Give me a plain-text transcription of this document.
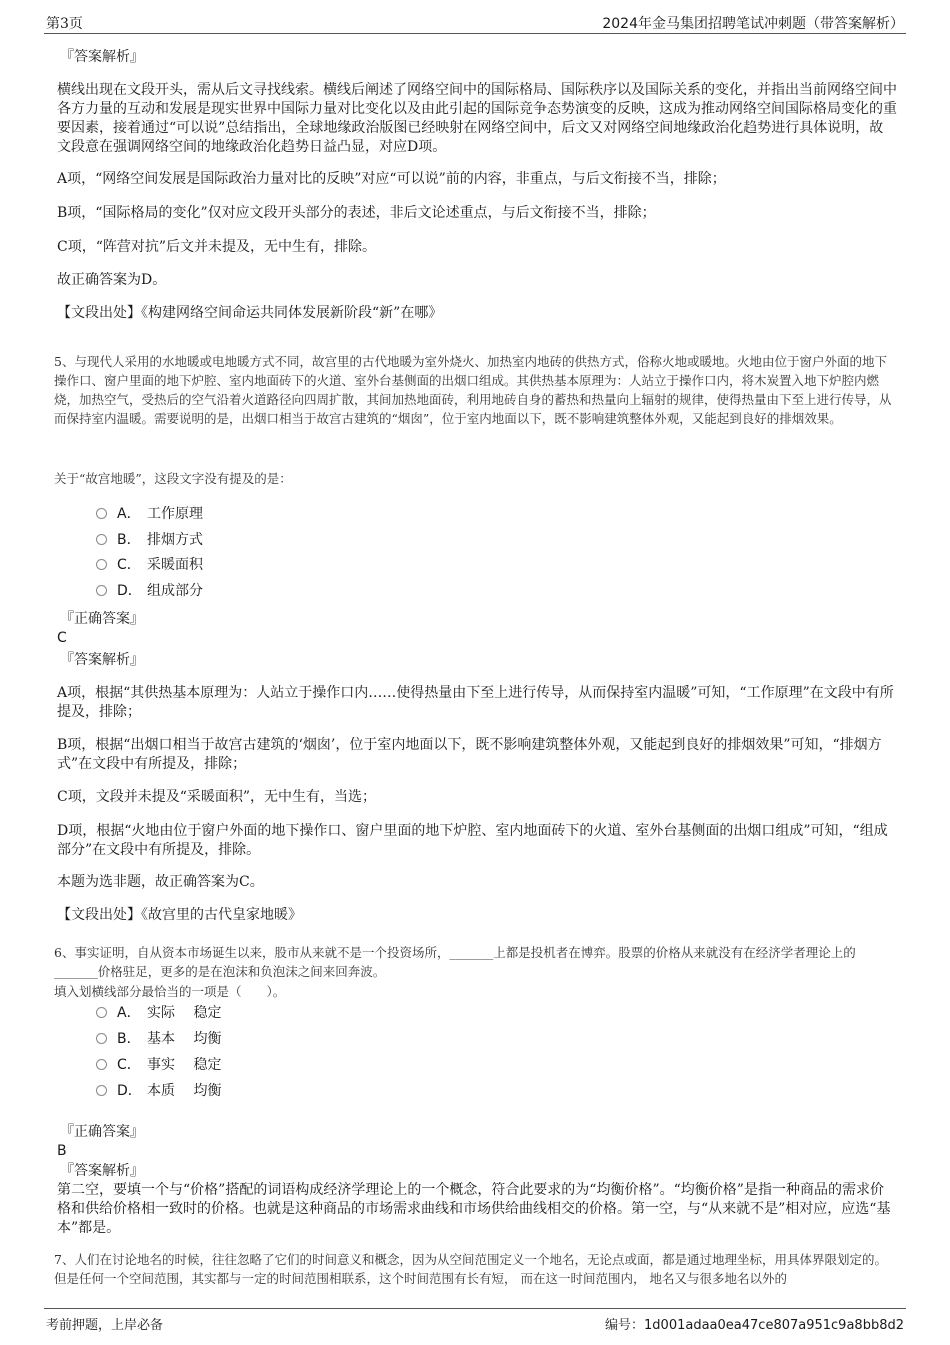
第3页	2024年金马集团招聘笔试冲刺题（带答案解析）
『答案解析』
横线出现在文段开头，需从后文寻找线索。横线后阐述了网络空间中的国际格局、国际秩序以及国际关系的变化，并指出当前网络空间中各方力量的互动和发展是现实世界中国际力量对比变化以及由此引起的国际竞争态势演变的反映，这成为推动网络空间国际格局变化的重要因素，接着通过“可以说”总结指出，全球地缘政治版图已经映射在网络空间中，后文又对网络空间地缘政治化趋势进行具体说明，故文段意在强调网络空间的地缘政治化趋势日益凸显，对应D项。
A项，“网络空间发展是国际政治力量对比的反映”对应“可以说”前的内容，非重点，与后文衔接不当，排除；
B项，“国际格局的变化”仅对应文段开头部分的表述，非后文论述重点，与后文衔接不当，排除；
C项，“阵营对抗”后文并未提及，无中生有，排除。
故正确答案为D。
【文段出处】《构建网络空间命运共同体发展新阶段“新”在哪》
5、与现代人采用的水地暖或电地暖方式不同，故宫里的古代地暖为室外烧火、加热室内地砖的供热方式，俗称火地或暖地。火地由位于窗户外面的地下操作口、窗户里面的地下炉腔、室内地面砖下的火道、室外台基侧面的出烟口组成。其供热基本原理为：人站立于操作口内，将木炭置入地下炉腔内燃烧，加热空气，受热后的空气沿着火道路径向四周扩散，其间加热地面砖，利用地砖自身的蓄热和热量向上辐射的规律，使得热量由下至上进行传导，从而保持室内温暖。需要说明的是，出烟口相当于故宫古建筑的“烟囱”，位于室内地面以下，既不影响建筑整体外观，又能起到良好的排烟效果。
关于“故宫地暖”，这段文字没有提及的是：
A． 工作原理
B． 排烟方式
C． 采暖面积
D． 组成部分
『正确答案』
C
『答案解析』
A项，根据“其供热基本原理为：人站立于操作口内……使得热量由下至上进行传导，从而保持室内温暖”可知，“工作原理”在文段中有所提及，排除；
B项，根据“出烟口相当于故宫古建筑的‘烟囱’，位于室内地面以下，既不影响建筑整体外观，又能起到良好的排烟效果”可知，“排烟方式”在文段中有所提及，排除；
C项，文段并未提及“采暖面积”，无中生有，当选；
D项，根据“火地由位于窗户外面的地下操作口、窗户里面的地下炉腔、室内地面砖下的火道、室外台基侧面的出烟口组成”可知，“组成部分”在文段中有所提及，排除。
本题为选非题，故正确答案为C。
【文段出处】《故宫里的古代皇家地暖》
6、事实证明，自从资本市场诞生以来，股市从来就不是一个投资场所，_______上都是投机者在博弈。股票的价格从来就没有在经济学者理论上的_______价格驻足，更多的是在泡沫和负泡沫之间来回奔波。
填入划横线部分最恰当的一项是（　　）。
A． 实际　 稳定
B． 基本　 均衡
C． 事实　 稳定
D． 本质　 均衡
『正确答案』
B
『答案解析』
第二空，要填一个与“价格”搭配的词语构成经济学理论上的一个概念，符合此要求的为“均衡价格”。“均衡价格”是指一种商品的需求价格和供给价格相一致时的价格。也就是这种商品的市场需求曲线和市场供给曲线相交的价格。第一空，与“从来就不是”相对应，应选“基本”都是。
7、人们在讨论地名的时候，往往忽略了它们的时间意义和概念，因为从空间范围定义一个地名，无论点或面，都是通过地理坐标，用具体界限划定的。但是任何一个空间范围，其实都与一定的时间范围相联系，这个时间范围有长有短， 而在这一时间范围内， 地名又与很多地名以外的
考前押题，上岸必备	编号：1d001adaa0ea47ce807a951c9a8bb8d2
